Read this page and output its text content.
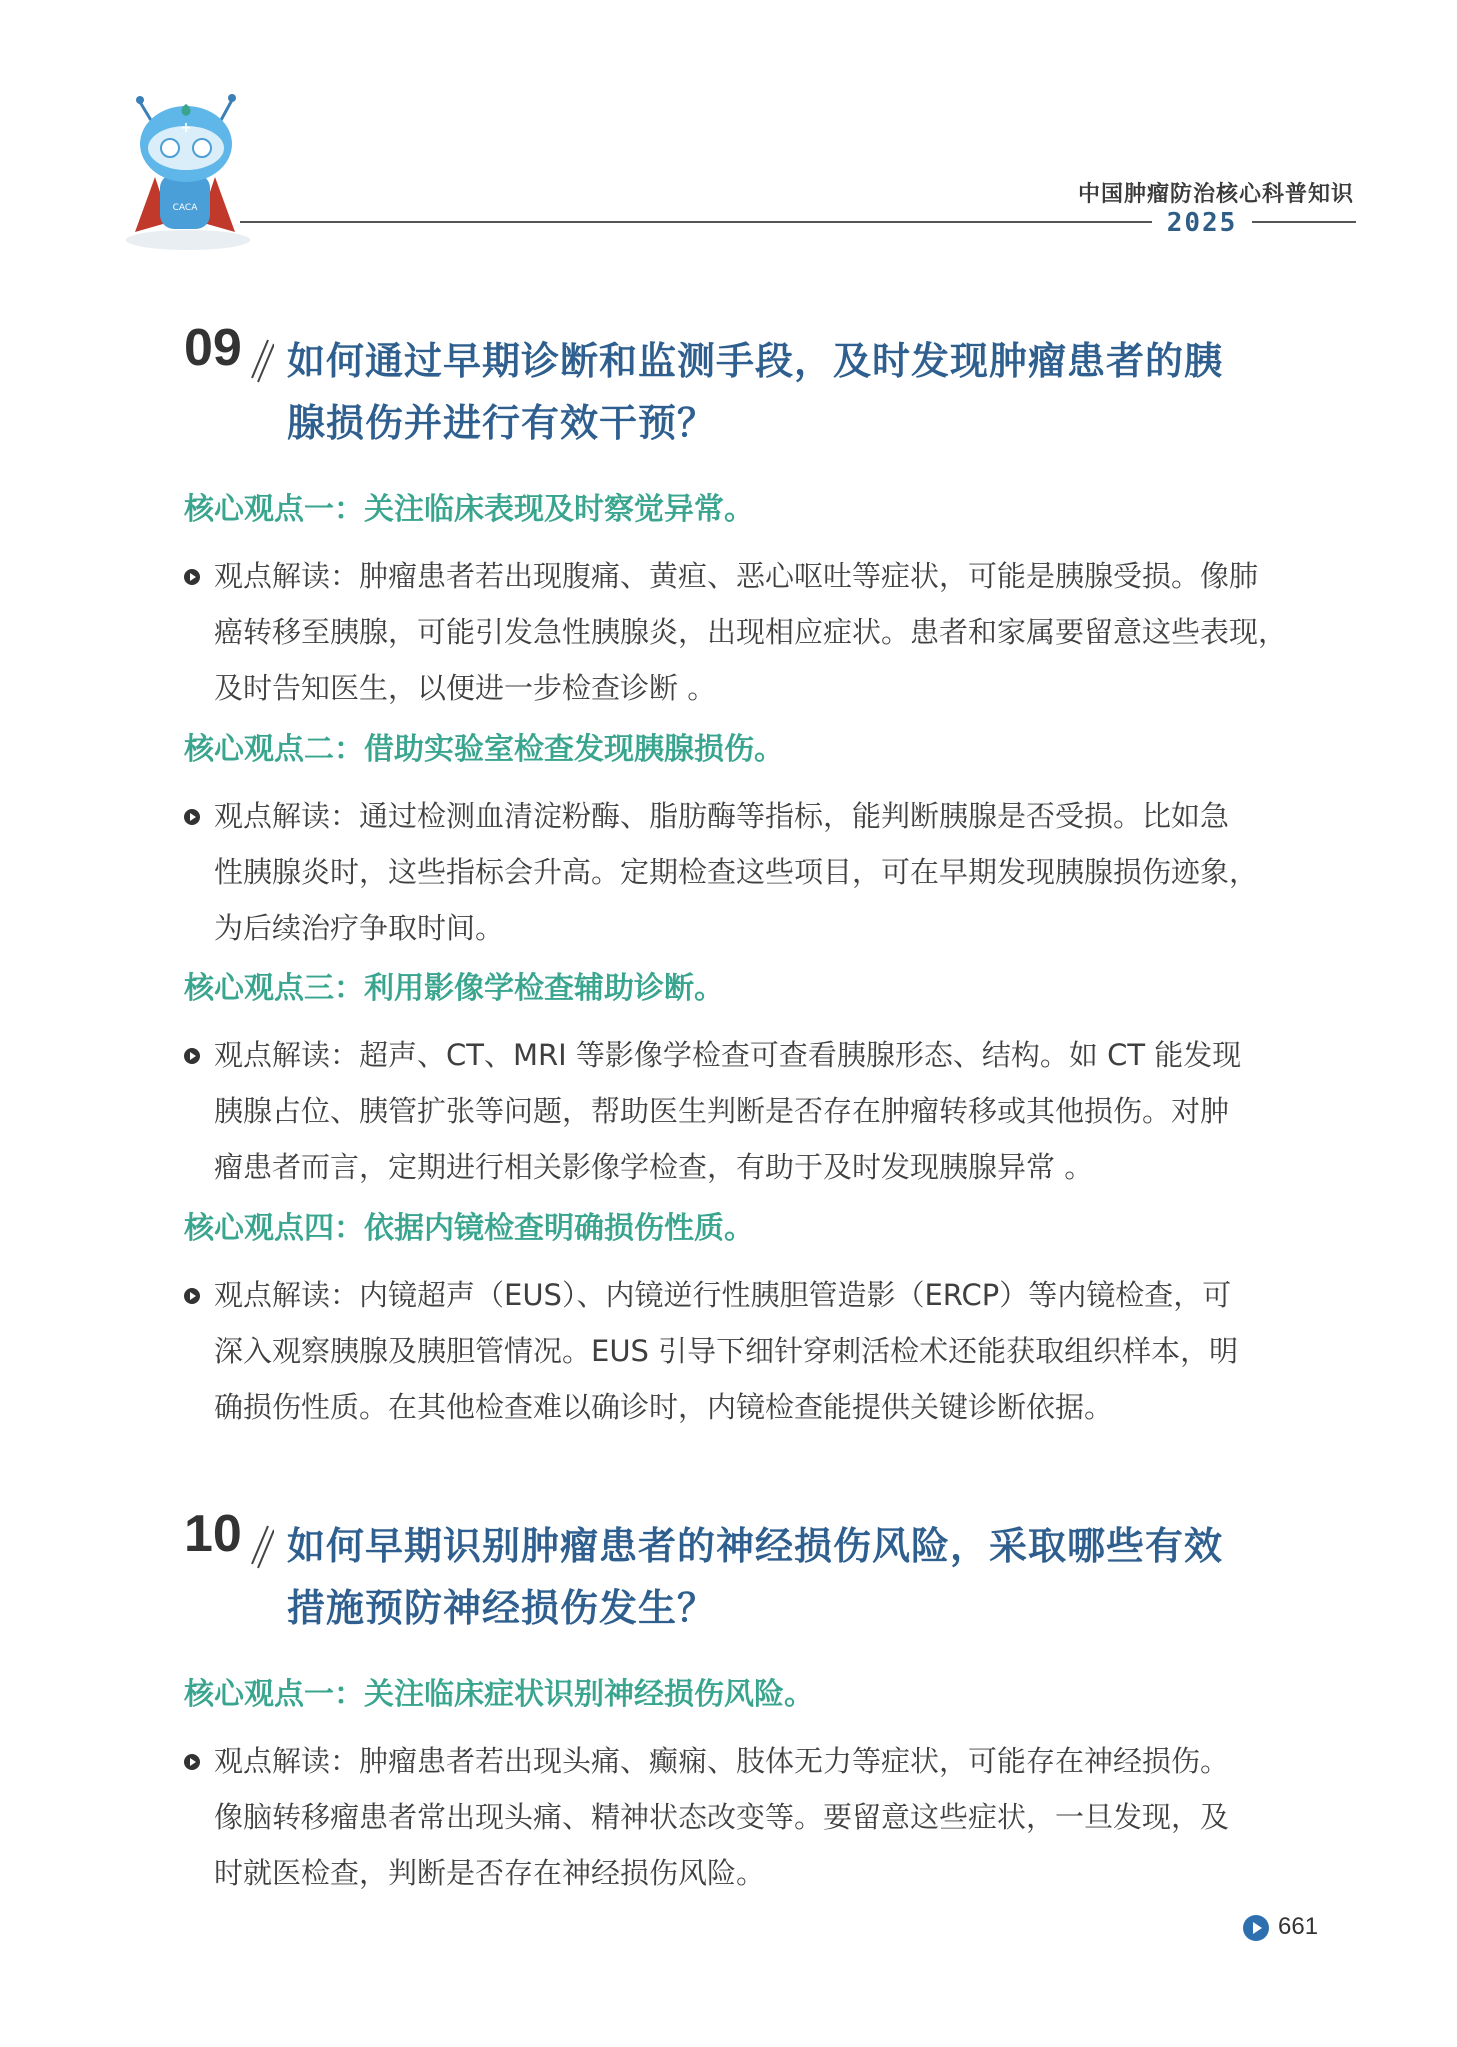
CACA
+
中国肿瘤防治核心科普知识
2025
09 如何通过早期诊断和监测手段，及时发现肿瘤患者的胰
腺损伤并进行有效干预？
核心观点一：关注临床表现及时察觉异常。
观点解读：肿瘤患者若出现腹痛、黄疸、恶心呕吐等症状，可能是胰腺受损。像肺
癌转移至胰腺，可能引发急性胰腺炎，出现相应症状。患者和家属要留意这些表现，
及时告知医生，以便进一步检查诊断 。
核心观点二：借助实验室检查发现胰腺损伤。
观点解读：通过检测血清淀粉酶、脂肪酶等指标，能判断胰腺是否受损。比如急
性胰腺炎时，这些指标会升高。定期检查这些项目，可在早期发现胰腺损伤迹象，
为后续治疗争取时间。
核心观点三：利用影像学检查辅助诊断。
观点解读：超声、CT、MRI 等影像学检查可查看胰腺形态、结构。如 CT 能发现
胰腺占位、胰管扩张等问题，帮助医生判断是否存在肿瘤转移或其他损伤。对肿
瘤患者而言，定期进行相关影像学检查，有助于及时发现胰腺异常 。
核心观点四：依据内镜检查明确损伤性质。
观点解读：内镜超声（EUS）、内镜逆行性胰胆管造影（ERCP）等内镜检查，可
深入观察胰腺及胰胆管情况。EUS 引导下细针穿刺活检术还能获取组织样本，明
确损伤性质。在其他检查难以确诊时，内镜检查能提供关键诊断依据。
10 如何早期识别肿瘤患者的神经损伤风险，采取哪些有效
措施预防神经损伤发生？
核心观点一：关注临床症状识别神经损伤风险。
观点解读：肿瘤患者若出现头痛、癫痫、肢体无力等症状，可能存在神经损伤。
像脑转移瘤患者常出现头痛、精神状态改变等。要留意这些症状，一旦发现，及
时就医检查，判断是否存在神经损伤风险。
661
